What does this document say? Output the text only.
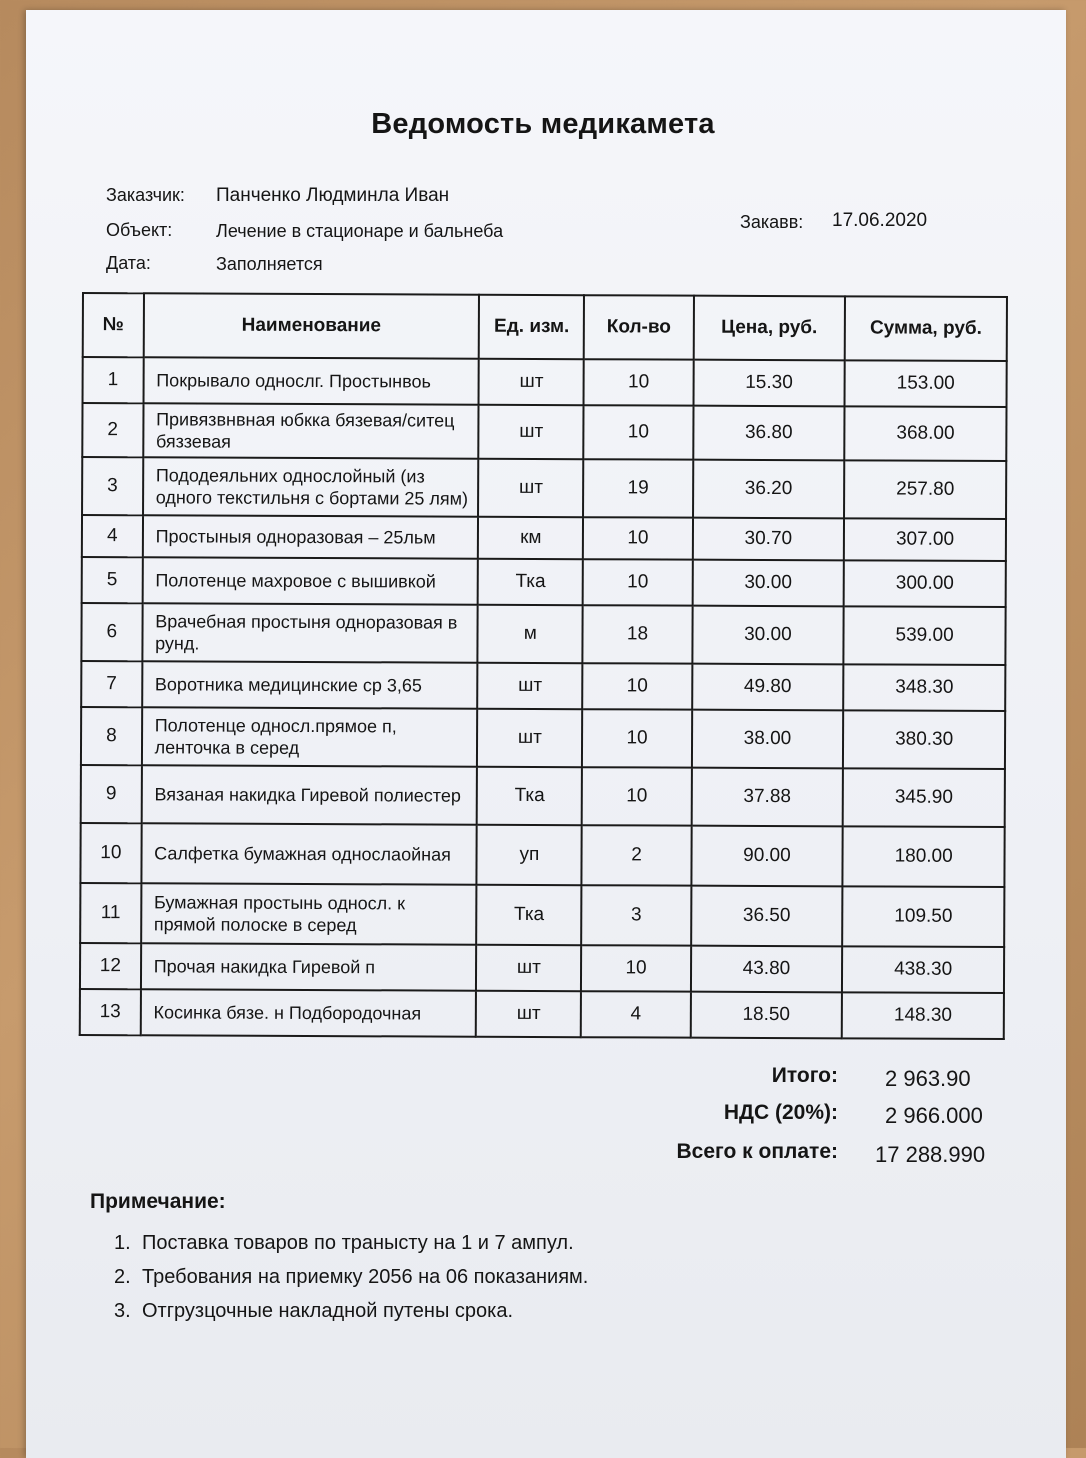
Ведомость медикамета
Заказчик: Панченко Людминла Иван
Объект: Лечение в стационаре и бальнеба
Дата:	Заполняется
Закавв: 17.06.2020
№	Наименование	Ед. изм.	Кол-во	Цена, руб.	Сумма, руб.
1	Покрывало однослг. Простынвоь	шт	10	15.30	153.00
2	Привязвнвная юбкка бязевая/ситец бяззевая	шт	10	36.80	368.00
3	Пододеяльних однослойный (из одного текстильня с бортами 25 лям)	шт	19	36.20	257.80
4	Простыныя одноразовая – 25льм	км	10	30.70	307.00
5	Полотенце махровое с вышивкой	Тка	10	30.00	300.00
6	Врачебная простыня одноразовая в рунд.	м	18	30.00	539.00
7	Воротника медицинские ср 3,65	шт	10	49.80	348.30
8	Полотенце односл.прямое п, ленточка в серед	шт	10	38.00	380.30
9	Вязаная накидка Гиревой полиестер	Тка	10	37.88	345.90
10	Салфетка бумажная однослаойная	уп	2	90.00	180.00
11	Бумажная простынь односл. к прямой полоске в серед	Тка	3	36.50	109.50
12	Прочая накидка Гиревой п	шт	10	43.80	438.30
13	Косинка бязе. н Подбородочная	шт	4	18.50	148.30
Итого: 2 963.90
НДС (20%): 2 966.000
Всего к оплате: 17 288.990
Примечание:
1. Поставка товаров по траныcту на 1 и 7 ампул.
2. Требования на приемку 2056 на 06 показаниям.
3. Отгрузцочные накладной путены срока.
